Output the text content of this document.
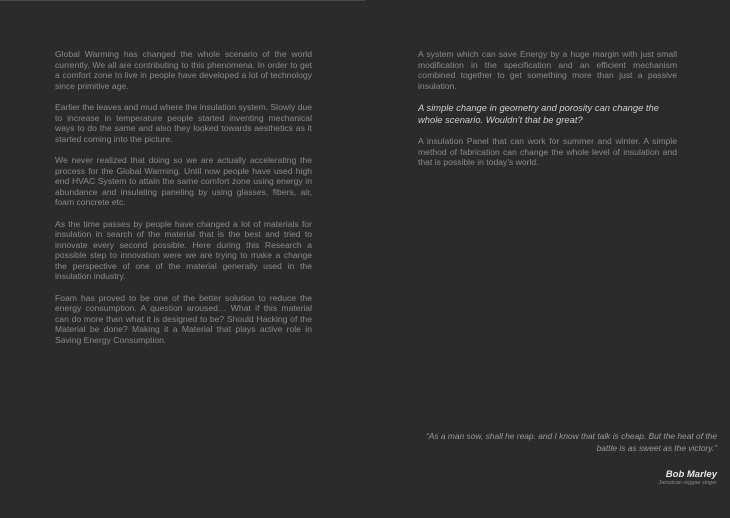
Global Warming has changed the whole scenario of the world currently. We all are contributing to this phenomena. In order to get a comfort zone to live in people have developed a lot of technology since primitive age.

Earlier the leaves and mud where the insulation system. Slowly due to increase in temperature people started inventing mechanical ways to do the same and also they looked towards aesthetics as it started coming into the picture.

We never realized that doing so we are actually accelerating the process for the Global Warming. Until now people have used high end HVAC System to attain the same comfort zone using energy in abundance and insulating paneling by using glasses, fibers, air, foam concrete etc.

As the time passes by people have changed a lot of materials for insulation in search of the material that is the best and tried to innovate every second possible. Here during this Research a possible step to innovation were we are trying to make a change the perspective of one of the material generally used in the insulation industry.

Foam has proved to be one of the better solution to reduce the energy consumption. A question aroused… What if this material can do more than what it is designed to be? Should Hacking of the Material be done? Making it a Material that plays active role in Saving Energy Consumption.

A system which can save Energy by a huge margin with just small modification in the specification and an efficient mechanism combined together to get something more than just a passive insulation.

A simple change in geometry and porosity can change the whole scenario. Wouldn’t that be great?

A insulation Panel that can work for summer and winter. A simple method of fabrication can change the whole level of insulation and that is possible in today's world.

“As a man sow, shall he reap. and I know that talk is cheap. But the heat of the battle is as sweet as the victory.”
Bob Marley
Jamaican reggae singer
